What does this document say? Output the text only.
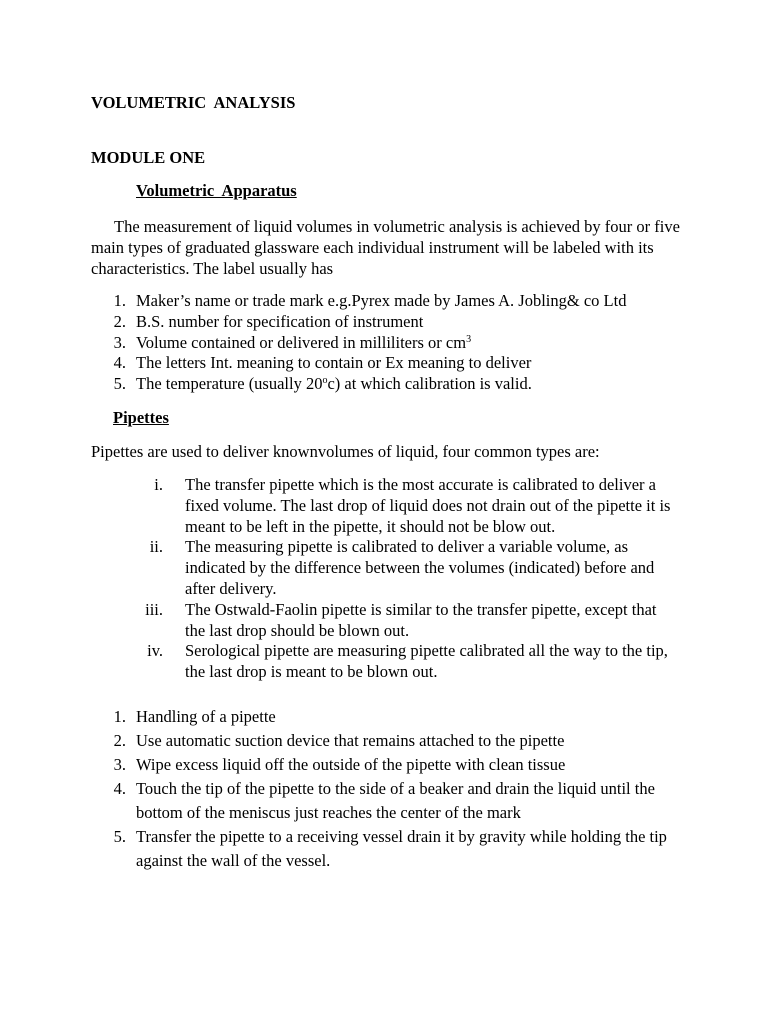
VOLUMETRIC  ANALYSIS

MODULE ONE

Volumetric  Apparatus

The measurement of liquid volumes in volumetric analysis is achieved by four or five main types of graduated glassware each individual instrument will be labeled with its characteristics. The label usually has

1. Maker’s name or trade mark e.g.Pyrex made by James A. Jobling& co Ltd
2. B.S. number for specification of instrument
3. Volume contained or delivered in milliliters or $cm^3$
4. The letters Int. meaning to contain or Ex meaning to deliver
5. The temperature (usually 20$^o$c) at which calibration is valid.

Pipettes

Pipettes are used to deliver knownvolumes of liquid, four common types are:

i. The transfer pipette which is the most accurate is calibrated to deliver a fixed volume. The last drop of liquid does not drain out of the pipette it is meant to be left in the pipette, it should not be blow out.
ii. The measuring pipette is calibrated to deliver a variable volume, as indicated by the difference between the volumes (indicated) before and after delivery.
iii. The Ostwald-Faolin pipette is similar to the transfer pipette, except that the last drop should be blown out.
iv. Serological pipette are measuring pipette calibrated all the way to the tip, the last drop is meant to be blown out.
1. Handling of a pipette
2. Use automatic suction device that remains attached to the pipette
3. Wipe excess liquid off the outside of the pipette with clean tissue
4. Touch the tip of the pipette to the side of a beaker and drain the liquid until the bottom of the meniscus just reaches the center of the mark
5. Transfer the pipette to a receiving vessel drain it by gravity while holding the tip against the wall of the vessel.
